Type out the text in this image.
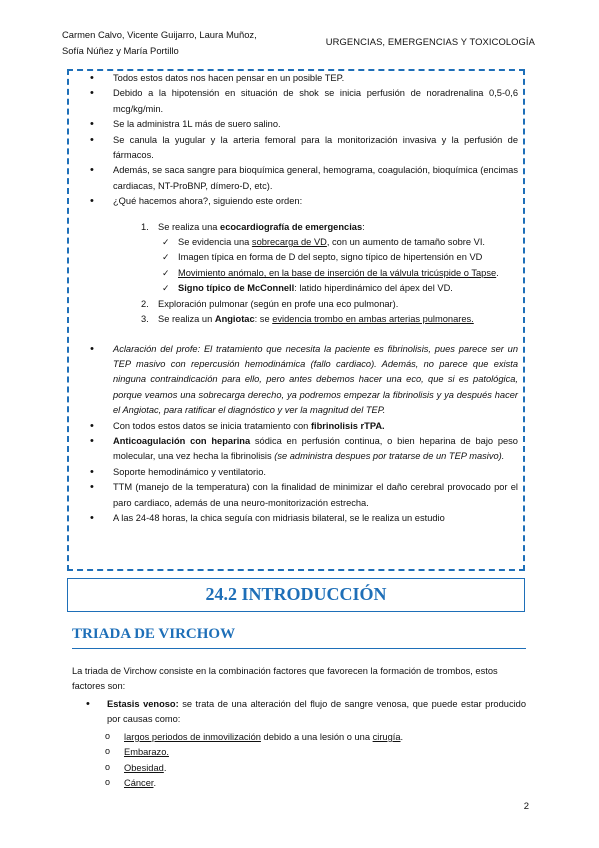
Carmen Calvo, Vicente Guijarro, Laura Muñoz,
Sofía Núñez y María Portillo
URGENCIAS, EMERGENCIAS Y TOXICOLOGÍA
• Todos estos datos nos hacen pensar en un posible TEP.
• Debido a la hipotensión en situación de shok se inicia perfusión de noradrenalina 0,5-0,6 mcg/kg/min.
• Se la administra 1L más de suero salino.
• Se canula la yugular y la arteria femoral para la monitorización invasiva y la perfusión de fármacos.
• Además, se saca sangre para bioquímica general, hemograma, coagulación, bioquímica (encimas cardiacas, NT-ProBNP, dímero-D, etc).
• ¿Qué hacemos ahora?, siguiendo este orden:
1. Se realiza una ecocardiografía de emergencias:
✓ Se evidencia una sobrecarga de VD, con un aumento de tamaño sobre VI.
✓ Imagen típica en forma de D del septo, signo típico de hipertensión en VD
✓ Movimiento anómalo, en la base de inserción de la válvula tricúspide o Tapse.
✓ Signo típico de McConnell: latido hiperdinámico del ápex del VD.
2. Exploración pulmonar (según en profe una eco pulmonar).
3. Se realiza un Angiotac: se evidencia trombo en ambas arterias pulmonares.
• Aclaración del profe: El tratamiento que necesita la paciente es fibrinolisis, pues parece ser un TEP masivo con repercusión hemodinámica (fallo cardiaco). Además, no parece que exista ninguna contraindicación para ello, pero antes debemos hacer una eco, que si es patológica, porque veamos una sobrecarga derecho, ya podremos empezar la fibrinolisis y ya después hacer el Angiotac, para ratificar el diagnóstico y ver la magnitud del TEP.
• Con todos estos datos se inicia tratamiento con fibrinolisis rTPA.
• Anticoagulación con heparina sódica en perfusión continua, o bien heparina de bajo peso molecular, una vez hecha la fibrinolisis (se administra despues por tratarse de un TEP masivo).
• Soporte hemodinámico y ventilatorio.
• TTM (manejo de la temperatura) con la finalidad de minimizar el daño cerebral provocado por el paro cardiaco, además de una neuro-monitorización estrecha.
• A las 24-48 horas, la chica seguía con midriasis bilateral, se le realiza un estudio
24.2 INTRODUCCIÓN
TRIADA DE VIRCHOW
La triada de Virchow consiste en la combinación factores que favorecen la formación de trombos, estos factores son:
•	Estasis venoso: se trata de una alteración del flujo de sangre venosa, que puede estar producido por causas como:
o largos periodos de inmovilización debido a una lesión o una cirugía.
o Embarazo.
o Obesidad.
o Cáncer.
2
